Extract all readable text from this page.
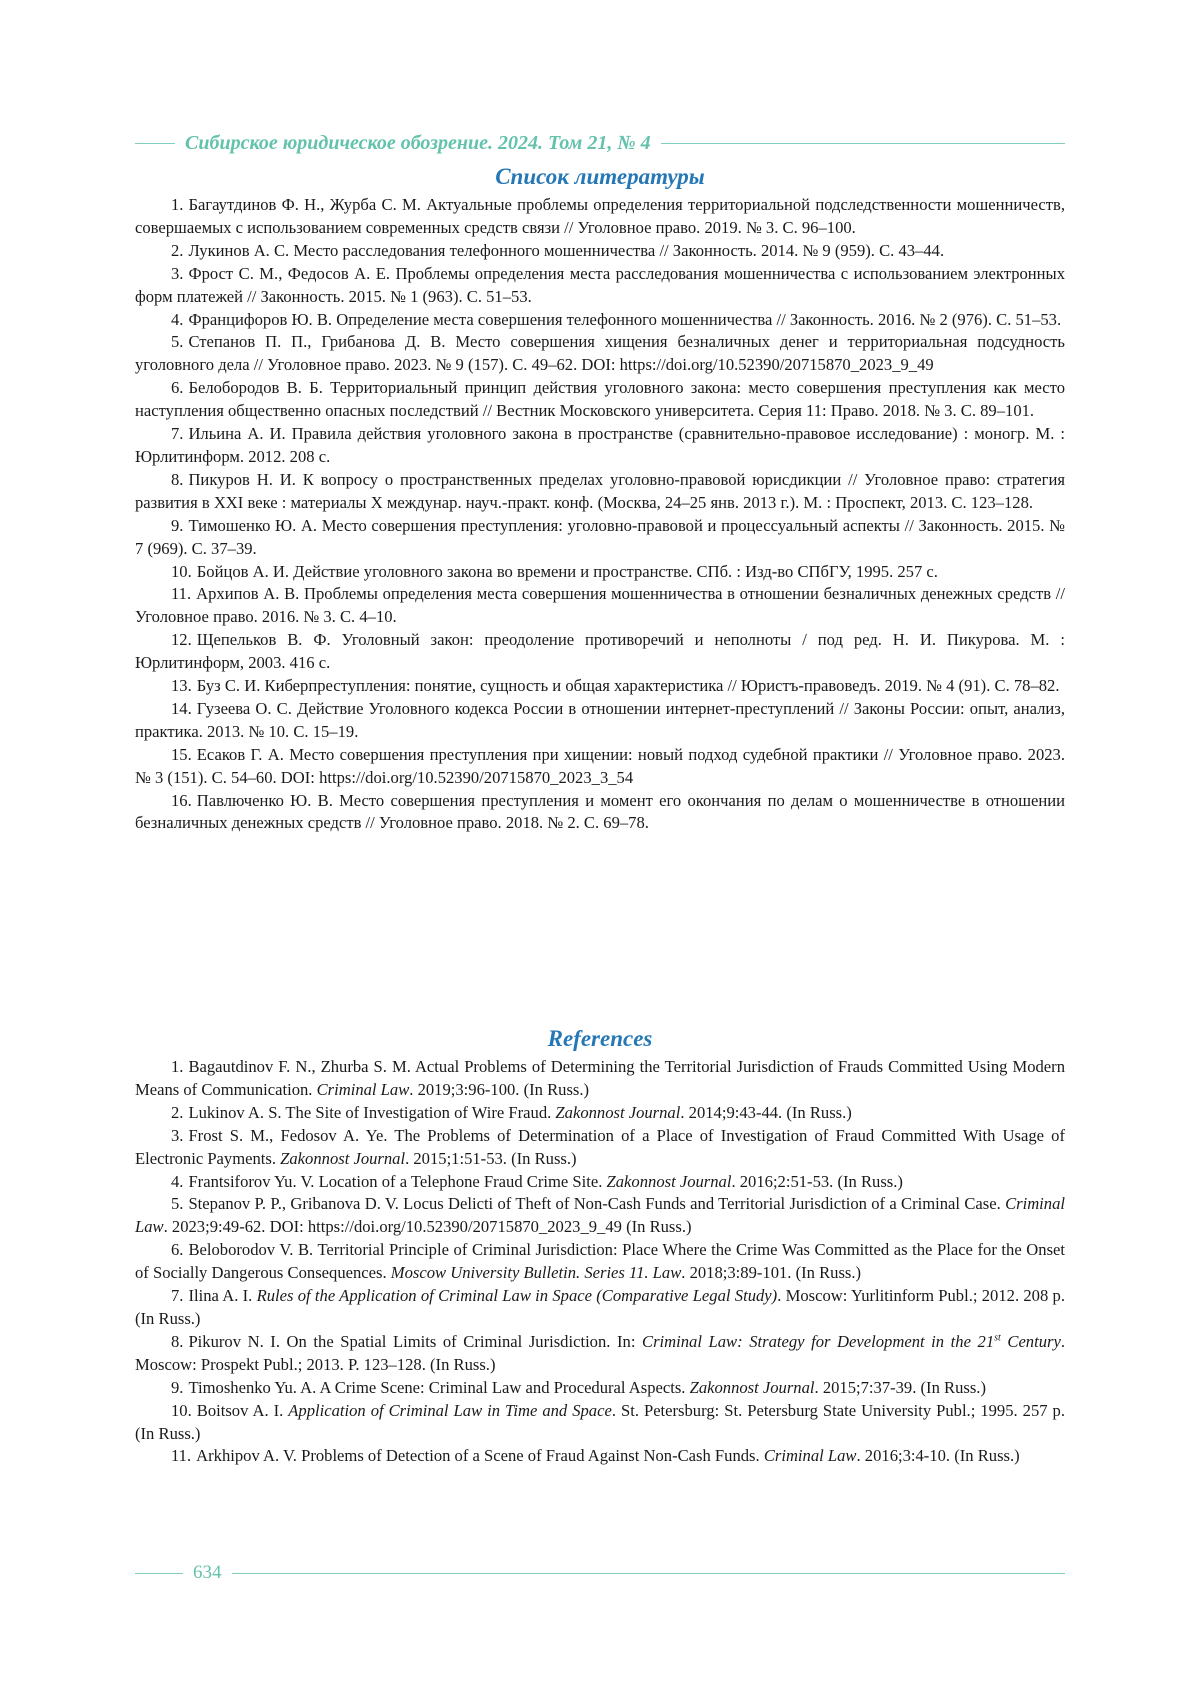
Сибирское юридическое обозрение. 2024. Том 21, № 4
Список литературы
1. Багаутдинов Ф. Н., Журба С. М. Актуальные проблемы определения территориальной подследственности мошенничеств, совершаемых с использованием современных средств связи // Уголовное право. 2019. № 3. С. 96–100.
2. Лукинов А. С. Место расследования телефонного мошенничества // Законность. 2014. № 9 (959). С. 43–44.
3. Фрост С. М., Федосов А. Е. Проблемы определения места расследования мошенничества с использованием электронных форм платежей // Законность. 2015. № 1 (963). С. 51–53.
4. Францифоров Ю. В. Определение места совершения телефонного мошенничества // Законность. 2016. № 2 (976). С. 51–53.
5. Степанов П. П., Грибанова Д. В. Место совершения хищения безналичных денег и территориальная подсудность уголовного дела // Уголовное право. 2023. № 9 (157). С. 49–62. DOI: https://doi.org/10.52390/20715870_2023_9_49
6. Белобородов В. Б. Территориальный принцип действия уголовного закона: место совершения преступления как место наступления общественно опасных последствий // Вестник Московского университета. Серия 11: Право. 2018. № 3. С. 89–101.
7. Ильина А. И. Правила действия уголовного закона в пространстве (сравнительно-правовое исследование) : моногр. М. : Юрлитинформ. 2012. 208 с.
8. Пикуров Н. И. К вопросу о пространственных пределах уголовно-правовой юрисдикции // Уголовное право: стратегия развития в XXI веке : материалы X междунар. науч.-практ. конф. (Москва, 24–25 янв. 2013 г.). М. : Проспект, 2013. С. 123–128.
9. Тимошенко Ю. А. Место совершения преступления: уголовно-правовой и процессуальный аспекты // Законность. 2015. № 7 (969). С. 37–39.
10. Бойцов А. И. Действие уголовного закона во времени и пространстве. СПб. : Изд-во СПбГУ, 1995. 257 с.
11. Архипов А. В. Проблемы определения места совершения мошенничества в отношении безналичных денежных средств // Уголовное право. 2016. № 3. С. 4–10.
12. Щепельков В. Ф. Уголовный закон: преодоление противоречий и неполноты / под ред. Н. И. Пикурова. М. : Юрлитинформ, 2003. 416 с.
13. Буз С. И. Киберпреступления: понятие, сущность и общая характеристика // Юристъ-правоведъ. 2019. № 4 (91). С. 78–82.
14. Гузеева О. С. Действие Уголовного кодекса России в отношении интернет-преступлений // Законы России: опыт, анализ, практика. 2013. № 10. С. 15–19.
15. Есаков Г. А. Место совершения преступления при хищении: новый подход судебной практики // Уголовное право. 2023. № 3 (151). С. 54–60. DOI: https://doi.org/10.52390/20715870_2023_3_54
16. Павлюченко Ю. В. Место совершения преступления и момент его окончания по делам о мошенничестве в отношении безналичных денежных средств // Уголовное право. 2018. № 2. С. 69–78.
References
1. Bagautdinov F. N., Zhurba S. M. Actual Problems of Determining the Territorial Jurisdiction of Frauds Committed Using Modern Means of Communication. Criminal Law. 2019;3:96-100. (In Russ.)
2. Lukinov A. S. The Site of Investigation of Wire Fraud. Zakonnost Journal. 2014;9:43-44. (In Russ.)
3. Frost S. M., Fedosov A. Ye. The Problems of Determination of a Place of Investigation of Fraud Committed With Usage of Electronic Payments. Zakonnost Journal. 2015;1:51-53. (In Russ.)
4. Frantsiforov Yu. V. Location of a Telephone Fraud Crime Site. Zakonnost Journal. 2016;2:51-53. (In Russ.)
5. Stepanov P. P., Gribanova D. V. Locus Delicti of Theft of Non-Cash Funds and Territorial Jurisdiction of a Criminal Case. Criminal Law. 2023;9:49-62. DOI: https://doi.org/10.52390/20715870_2023_9_49 (In Russ.)
6. Beloborodov V. B. Territorial Principle of Criminal Jurisdiction: Place Where the Crime Was Committed as the Place for the Onset of Socially Dangerous Consequences. Moscow University Bulletin. Series 11. Law. 2018;3:89-101. (In Russ.)
7. Ilina A. I. Rules of the Application of Criminal Law in Space (Comparative Legal Study). Moscow: Yurlitinform Publ.; 2012. 208 p. (In Russ.)
8. Pikurov N. I. On the Spatial Limits of Criminal Jurisdiction. In: Criminal Law: Strategy for Development in the 21st Century. Moscow: Prospekt Publ.; 2013. P. 123–128. (In Russ.)
9. Timoshenko Yu. A. A Crime Scene: Criminal Law and Procedural Aspects. Zakonnost Journal. 2015;7:37-39. (In Russ.)
10. Boitsov A. I. Application of Criminal Law in Time and Space. St. Petersburg: St. Petersburg State University Publ.; 1995. 257 p. (In Russ.)
11. Arkhipov A. V. Problems of Detection of a Scene of Fraud Against Non-Cash Funds. Criminal Law. 2016;3:4-10. (In Russ.)
634
